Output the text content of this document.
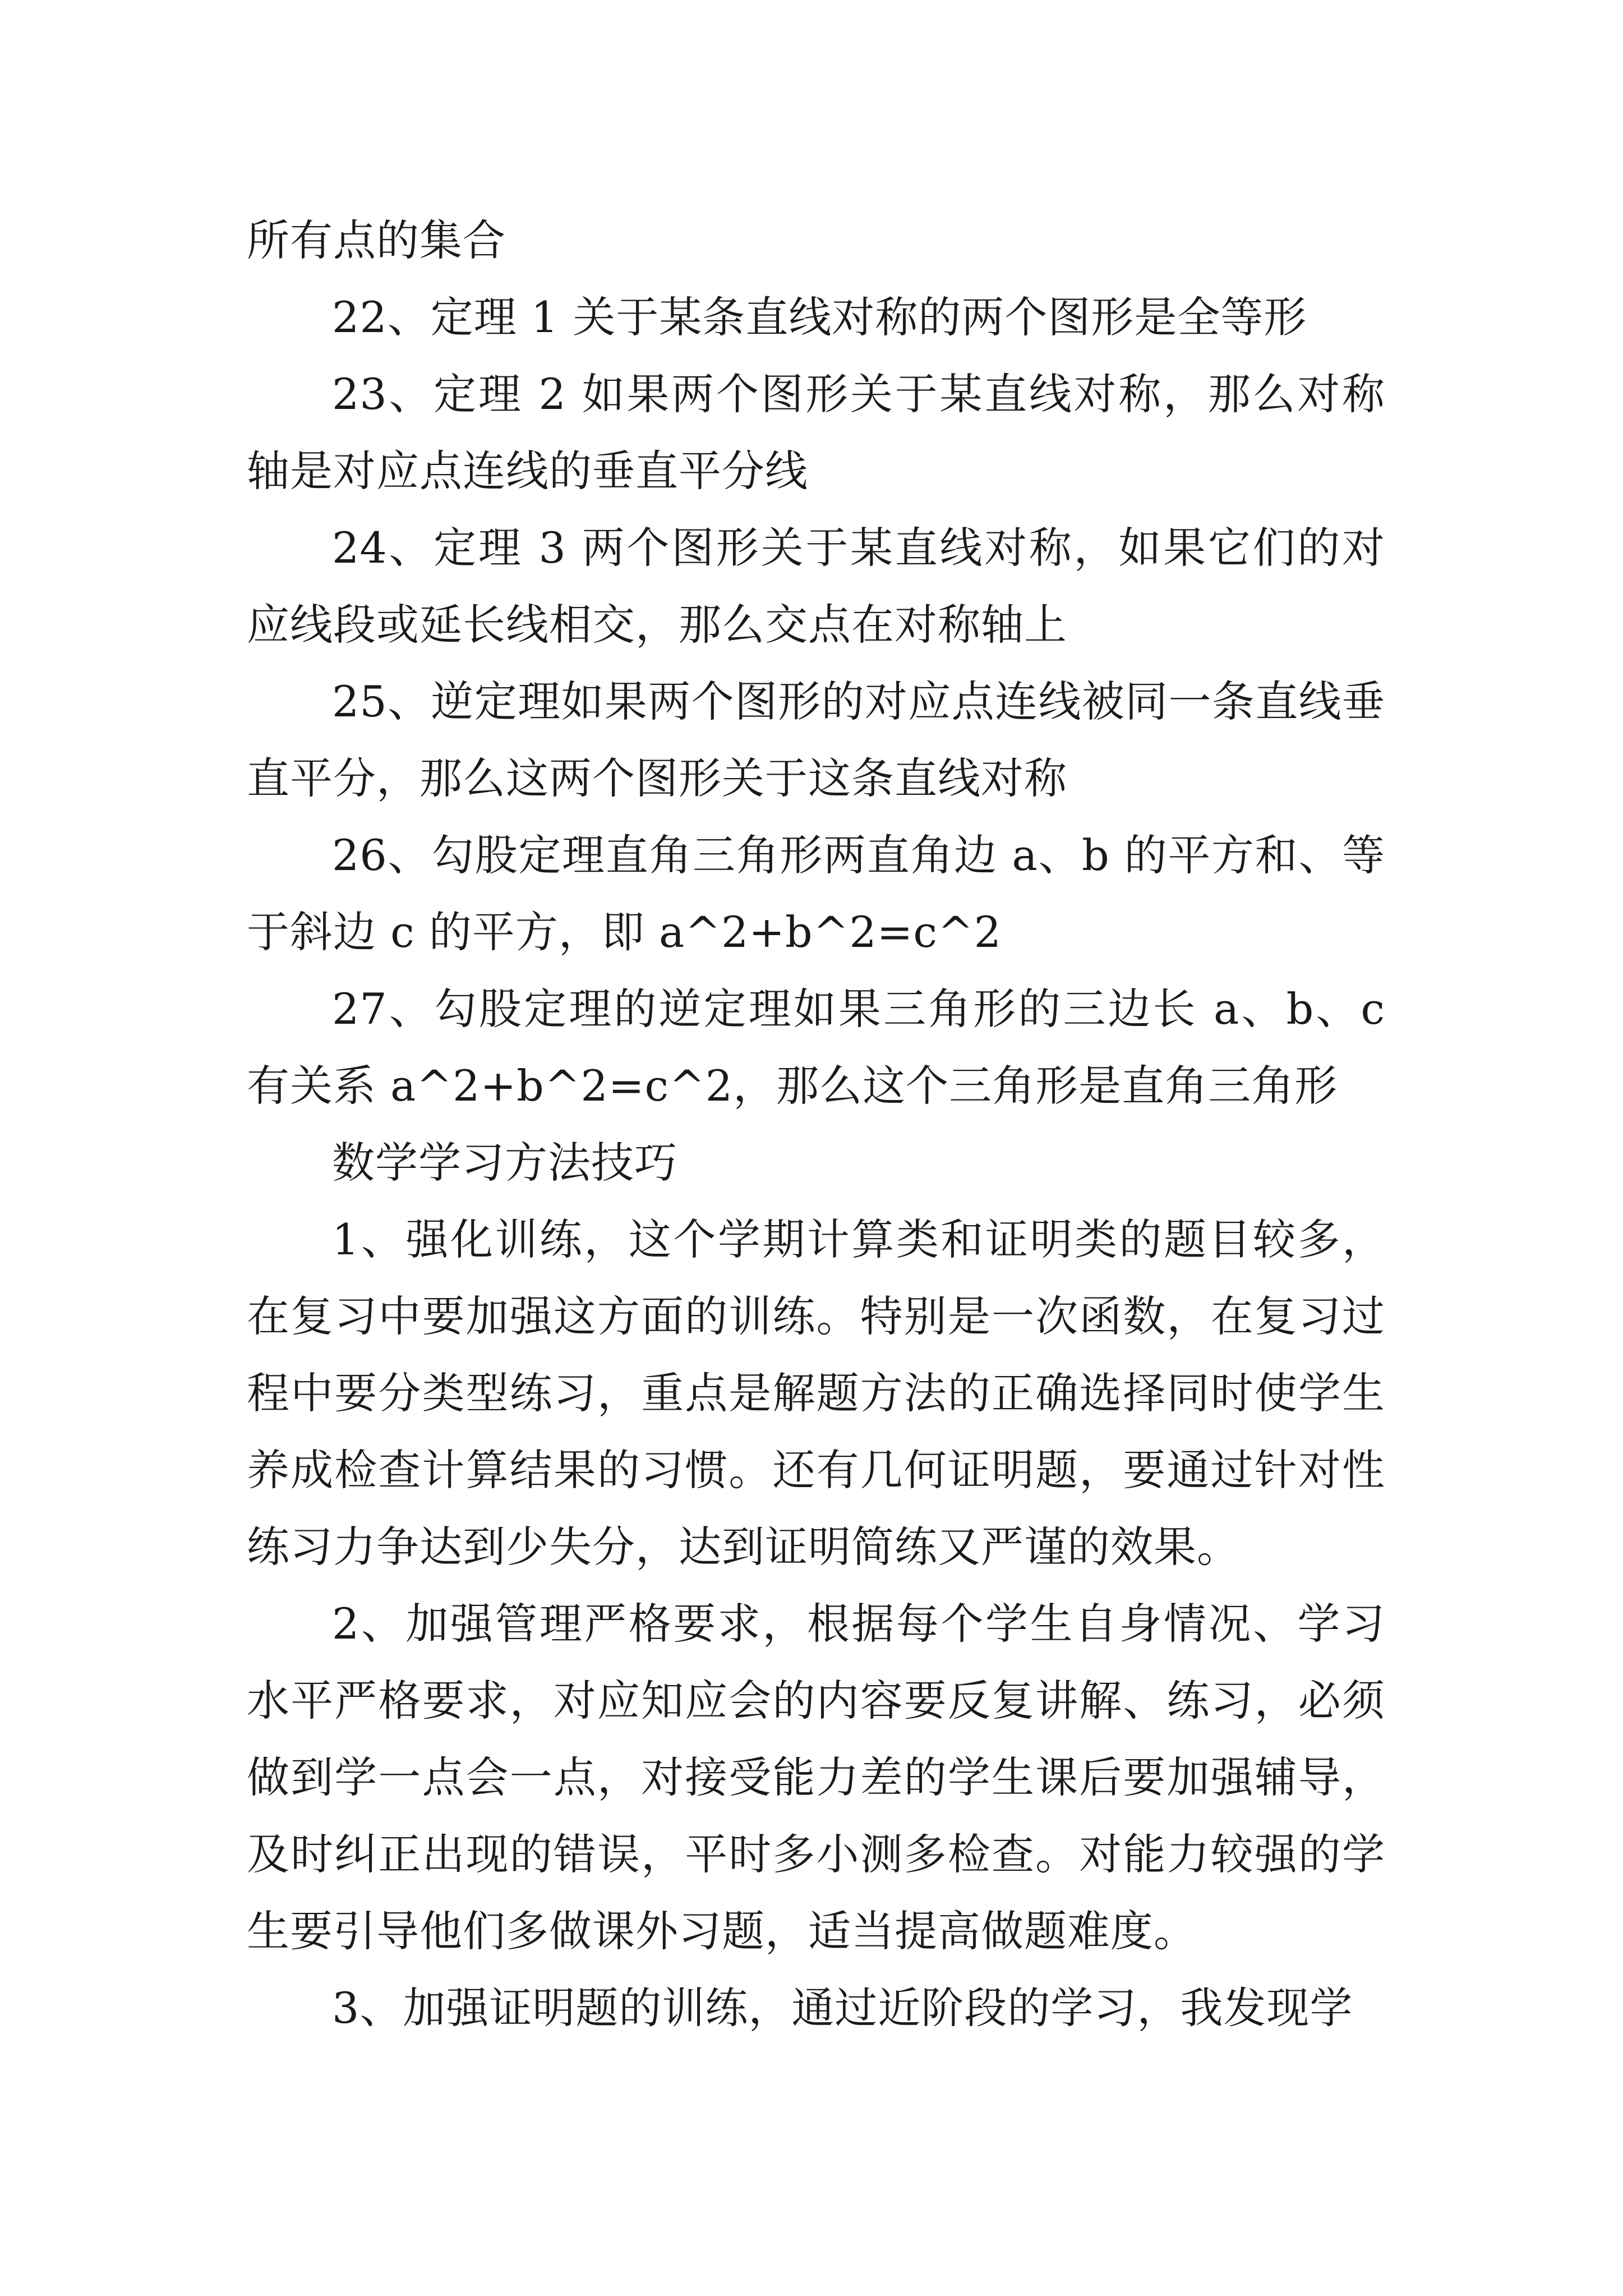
所有点的集合

22、定理 1 关于某条直线对称的两个图形是全等形

23、定理 2 如果两个图形关于某直线对称，那么对称轴是对应点连线的垂直平分线

24、定理 3 两个图形关于某直线对称，如果它们的对应线段或延长线相交，那么交点在对称轴上

25、逆定理如果两个图形的对应点连线被同一条直线垂直平分，那么这两个图形关于这条直线对称

26、勾股定理直角三角形两直角边 a、b 的平方和、等于斜边 c 的平方，即 a^2+b^2=c^2

27、勾股定理的逆定理如果三角形的三边长 a、b、c 有关系 a^2+b^2=c^2，那么这个三角形是直角三角形

数学学习方法技巧

1、强化训练，这个学期计算类和证明类的题目较多，在复习中要加强这方面的训练。特别是一次函数，在复习过程中要分类型练习，重点是解题方法的正确选择同时使学生养成检查计算结果的习惯。还有几何证明题，要通过针对性练习力争达到少失分，达到证明简练又严谨的效果。

2、加强管理严格要求，根据每个学生自身情况、学习水平严格要求，对应知应会的内容要反复讲解、练习，必须做到学一点会一点，对接受能力差的学生课后要加强辅导，及时纠正出现的错误，平时多小测多检查。对能力较强的学生要引导他们多做课外习题，适当提高做题难度。

3、加强证明题的训练，通过近阶段的学习，我发现学
